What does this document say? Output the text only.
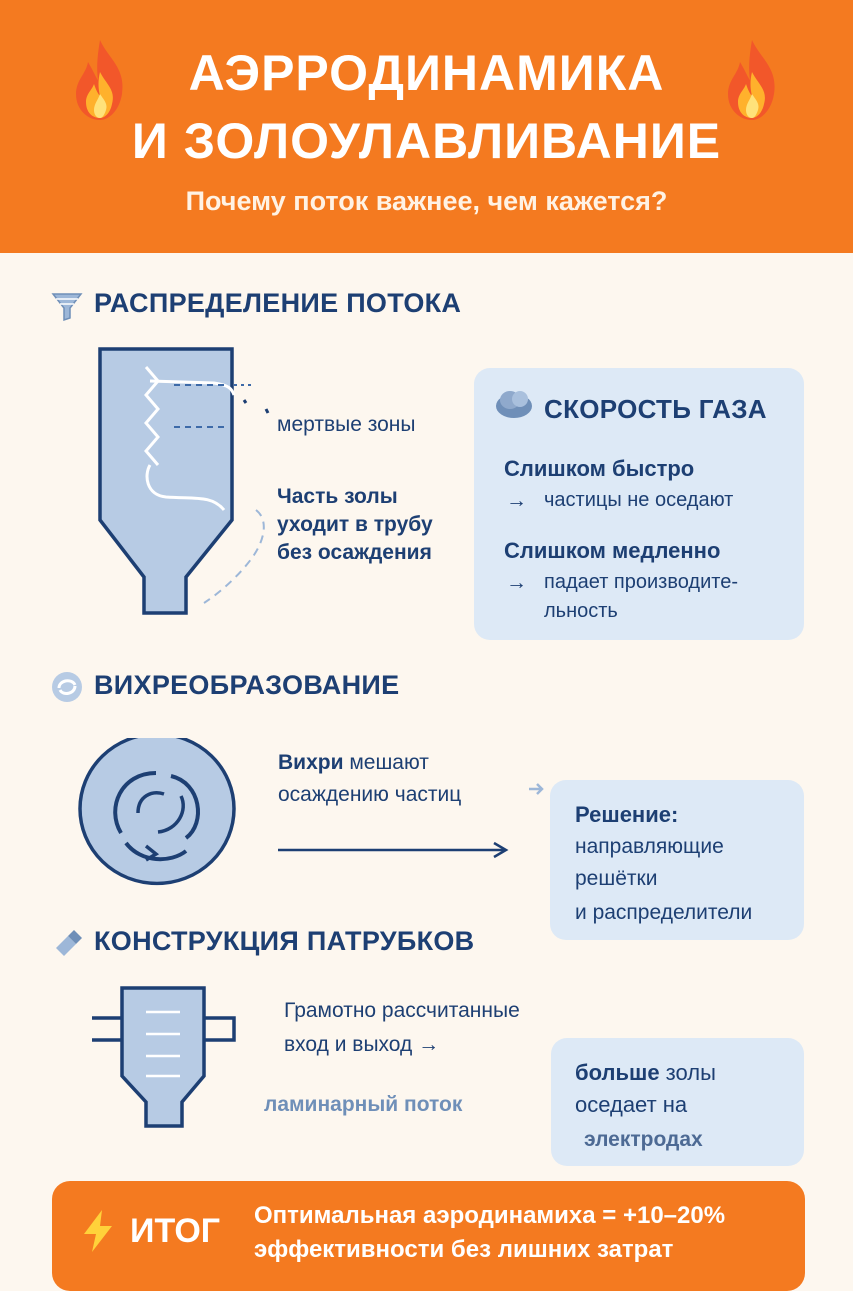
АЭРРОДИНАМИКА
И ЗОЛОУЛАВЛИВАНИЕ
Почему поток важнее, чем кажется?
РАСПРЕДЕЛЕНИЕ ПОТОКА
мертвые зоны
Часть золы
уходит в трубу
без осаждения
СКОРОСТЬ ГАЗА
Слишком быстро
→ частицы не оседают
Слишком медленно
→ падает производите-
льность
ВИХРЕОБРАЗОВАНИЕ
Вихри мешают
осаждению частиц
Решение:
направляющие
решётки
и распределители
КОНСТРУКЦИЯ ПАТРУБКОВ
Грамотно рассчитанные
вход и выход →
ламинарный поток
больше золы
оседает на
электродах
ИТОГ Оптимальная аэродинамиха = +10–20%
эффективности без лишних затрат
